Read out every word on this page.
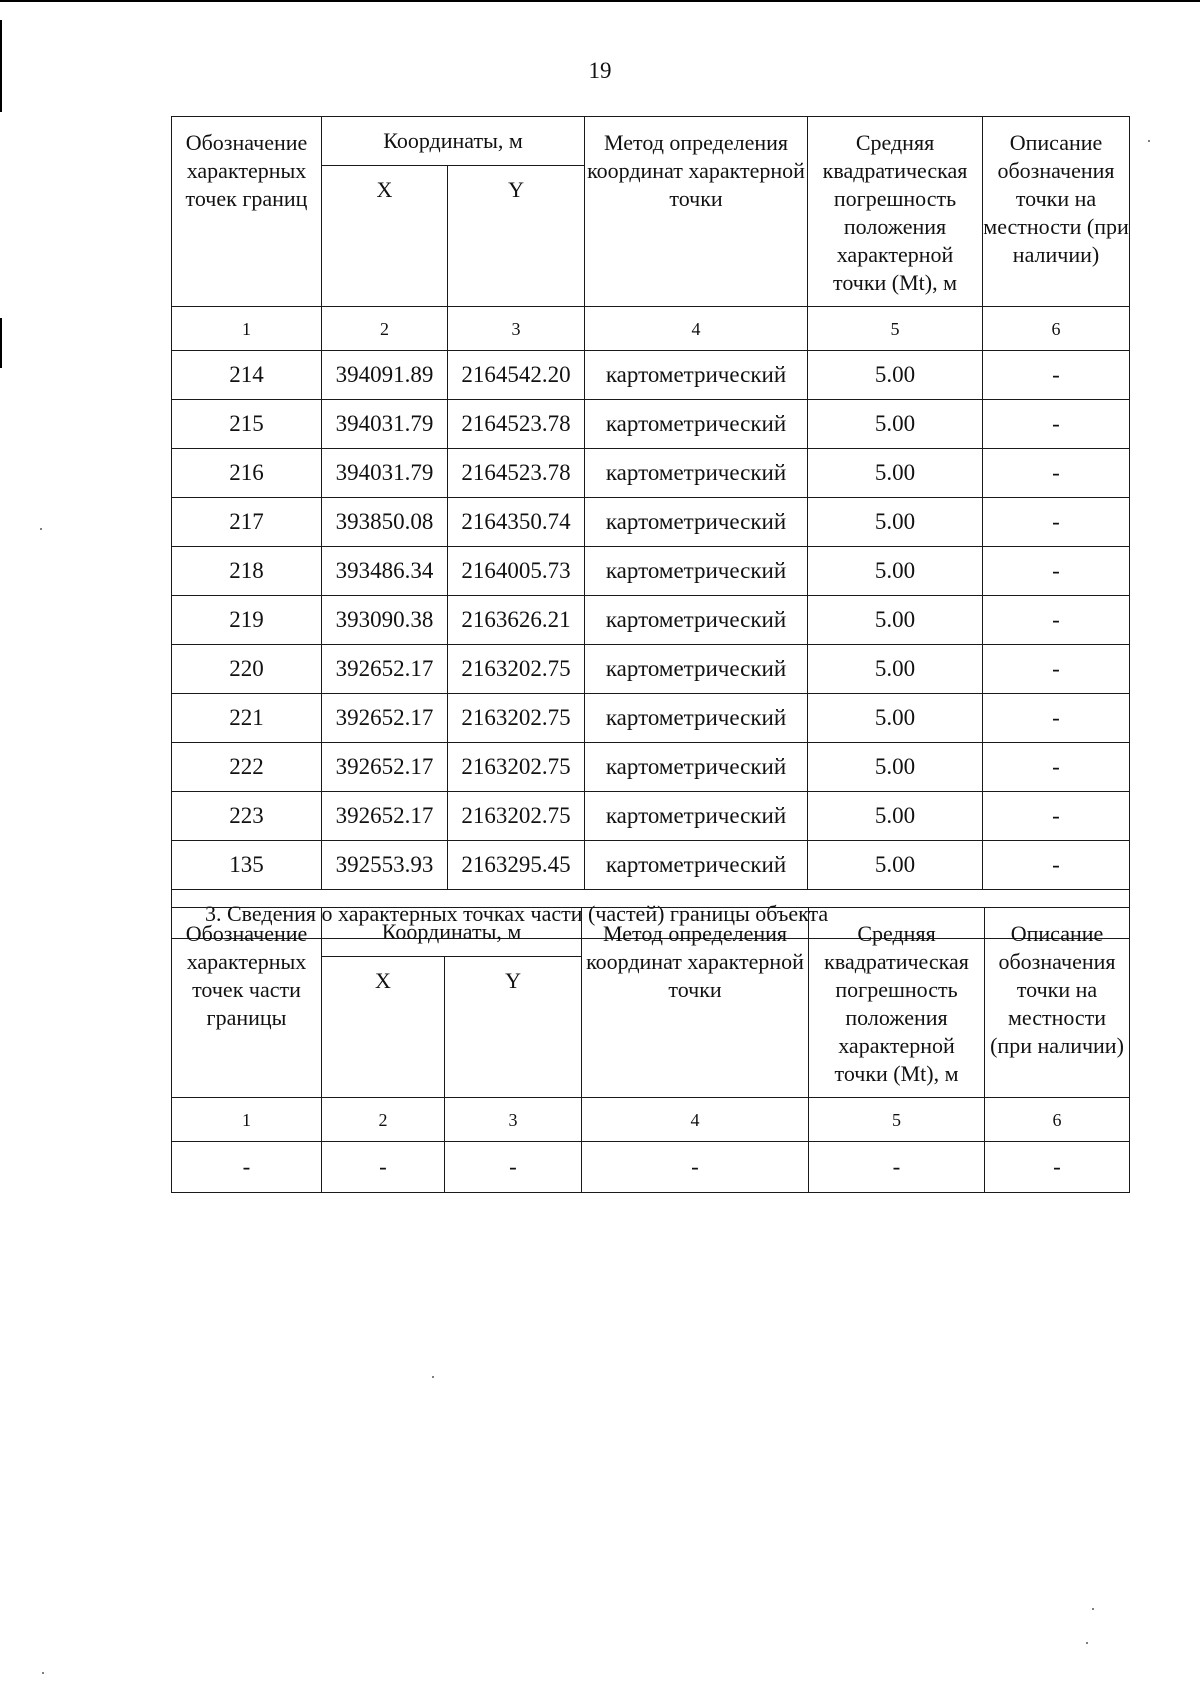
19
Обозначение характерных точек границ	Координаты, м		Метод определения координат характерной точки	Средняя квадратическая погрешность положения характерной точки (Mt), м	Описание обозначения точки на местности (при наличии)
	X	Y			
1	2	3	4	5	6
214	394091.89	2164542.20	картометрический	5.00	-
215	394031.79	2164523.78	картометрический	5.00	-
216	394031.79	2164523.78	картометрический	5.00	-
217	393850.08	2164350.74	картометрический	5.00	-
218	393486.34	2164005.73	картометрический	5.00	-
219	393090.38	2163626.21	картометрический	5.00	-
220	392652.17	2163202.75	картометрический	5.00	-
221	392652.17	2163202.75	картометрический	5.00	-
222	392652.17	2163202.75	картометрический	5.00	-
223	392652.17	2163202.75	картометрический	5.00	-
135	392553.93	2163295.45	картометрический	5.00	-
3. Сведения о характерных точках части (частей) границы объекта					
Обозначение характерных точек части границы	Координаты, м		Метод определения координат характерной точки	Средняя квадратическая погрешность положения характерной точки (Mt), м	Описание обозначения точки на местности (при наличии)
	X	Y			
1	2	3	4	5	6
-	-	-	-	-	-
